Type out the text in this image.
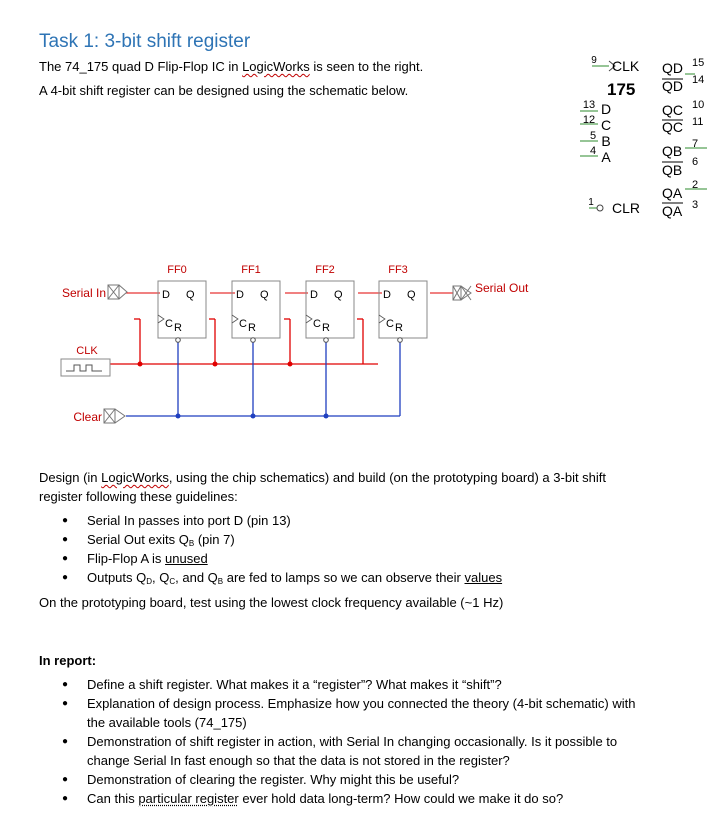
Task 1: 3-bit shift register
The 74_175 quad D Flip-Flop IC in LogicWorks is seen to the right.
A 4-bit shift register can be designed using the schematic below.
9
1
CLK
175
CLR
13
12
5
4
D
C
B
A
QD
QD
QC
QC
QB
QB
QA
QA
15
14
10
11
7
6
2
3
FF0	FF1	FF2	FF3
D Q	D Q	D Q	D Q
C R	C R	C R	C R
Serial In	Serial Out
CLK
Clear
Design (in LogicWorks, using the chip schematics) and build (on the prototyping board) a 3-bit shift
register following these guidelines:
● Serial In passes into port D (pin 13)
● Serial Out exits $Q_B$ (pin 7)
● Flip-Flop A is unused
● Outputs $Q_D$, $Q_C$, and $Q_B$ are fed to lamps so we can observe their values
On the prototyping board, test using the lowest clock frequency available (~1 Hz)
In report:
● Define a shift register. What makes it a “register”? What makes it “shift”?
● Explanation of design process. Emphasize how you connected the theory (4-bit schematic) with
the available tools (74_175)
● Demonstration of shift register in action, with Serial In changing occasionally. Is it possible to
change Serial In fast enough so that the data is not stored in the register?
● Demonstration of clearing the register. Why might this be useful?
● Can this particular register ever hold data long-term? How could we make it do so?
